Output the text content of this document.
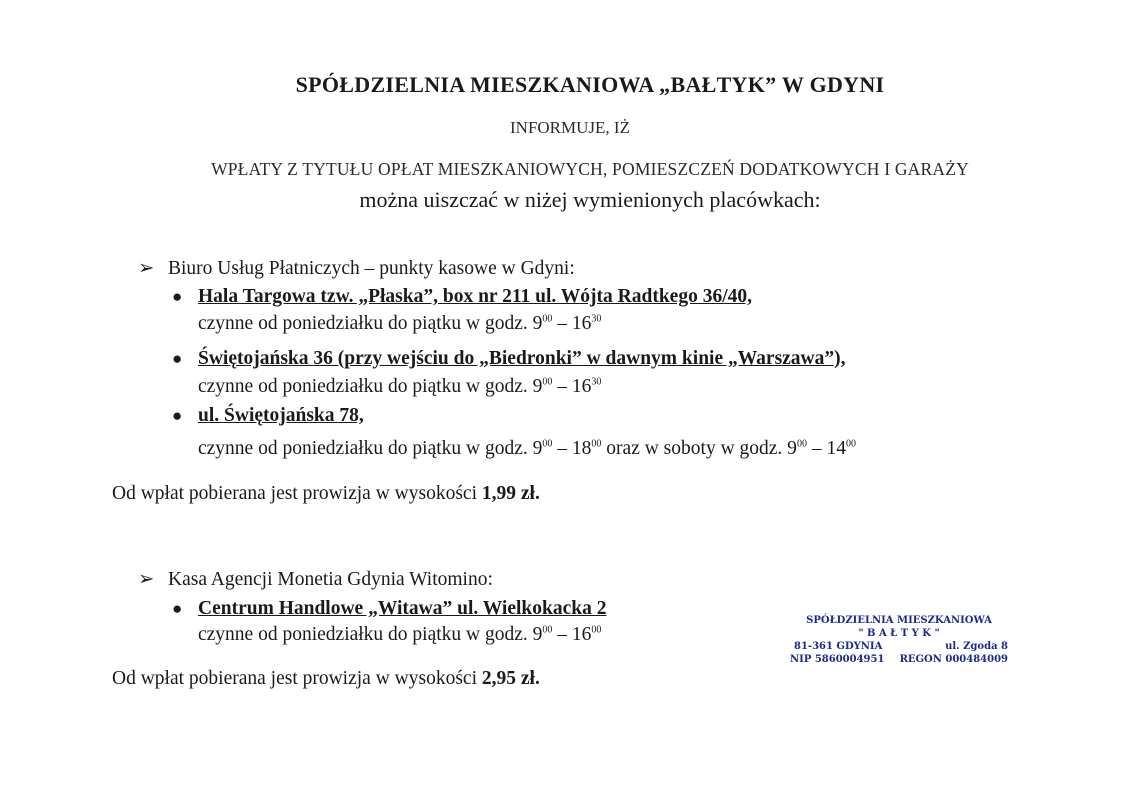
SPÓŁDZIELNIA MIESZKANIOWA „BAŁTYK” W GDYNI
INFORMUJE, IŻ
WPŁATY Z TYTUŁU OPŁAT MIESZKANIOWYCH, POMIESZCZEŃ DODATKOWYCH I GARAŻY
można uiszczać w niżej wymienionych placówkach:
➢ Biuro Usług Płatniczych – punkty kasowe w Gdyni:
● Hala Targowa tzw. „Płaska”, box nr 211 ul. Wójta Radtkego 36/40,
czynne od poniedziałku do piątku w godz. $9^{00} - 16^{30}$
● Świętojańska 36 (przy wejściu do „Biedronki” w dawnym kinie „Warszawa”),
czynne od poniedziałku do piątku w godz. $9^{00} - 16^{30}$
● ul. Świętojańska 78,
czynne od poniedziałku do piątku w godz. $9^{00} - 18^{00}$ oraz w soboty w godz. $9^{00} - 14^{00}$
Od wpłat pobierana jest prowizja w wysokości 1,99 zł.
➢ Kasa Agencji Monetia Gdynia Witomino:
● Centrum Handlowe „Witawa” ul. Wielkokacka 2
czynne od poniedziałku do piątku w godz. $9^{00} - 16^{00}$
Od wpłat pobierana jest prowizja w wysokości 2,95 zł.
SPÓŁDZIELNIA MIESZKANIOWA
" B A Ł T Y K "
81-361 GDYNIA	ul. Zgoda 8
NIP 5860004951 REGON 000484009
